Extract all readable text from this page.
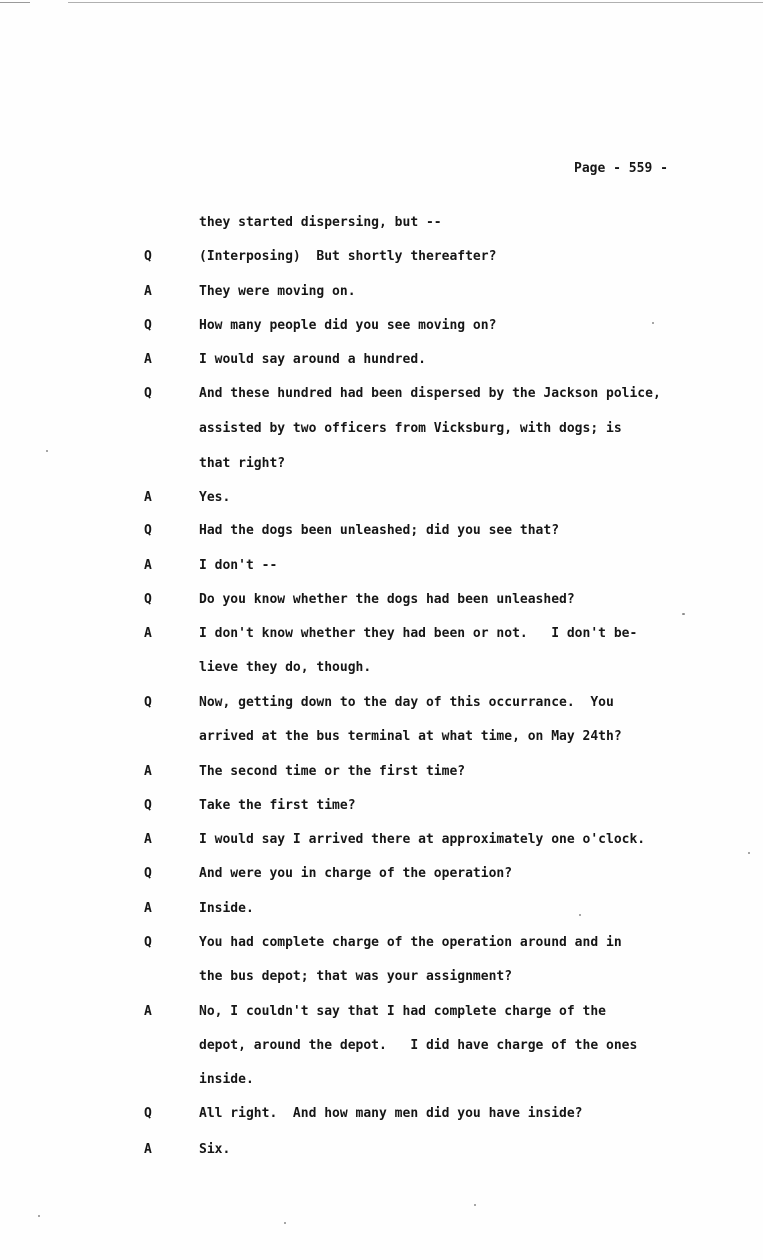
Page - 559 -
they started dispersing, but --
Q	(Interposing)  But shortly thereafter?
A	They were moving on.
Q	How many people did you see moving on?
A	I would say around a hundred.
Q	And these hundred had been dispersed by the Jackson police,
assisted by two officers from Vicksburg, with dogs; is
that right?
A	Yes.
Q	Had the dogs been unleashed; did you see that?
A	I don't --
Q	Do you know whether the dogs had been unleashed?
A	I don't know whether they had been or not.   I don't be-
lieve they do, though.
Q	Now, getting down to the day of this occurrance.  You
arrived at the bus terminal at what time, on May 24th?
A	The second time or the first time?
Q	Take the first time?
A	I would say I arrived there at approximately one o'clock.
Q	And were you in charge of the operation?
A	Inside.
Q	You had complete charge of the operation around and in
the bus depot; that was your assignment?
A	No, I couldn't say that I had complete charge of the
depot, around the depot.   I did have charge of the ones
inside.
Q	All right.  And how many men did you have inside?
A	Six.
